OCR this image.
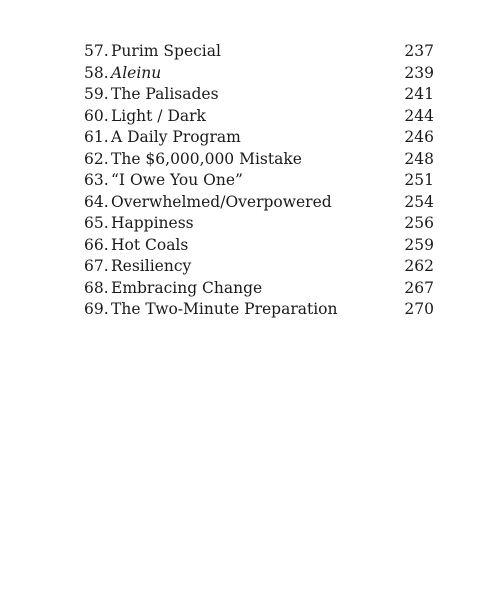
57. Purim Special	237
58. Aleinu	239
59. The Palisades	241
60. Light / Dark	244
61. A Daily Program	246
62. The $6,000,000 Mistake	248
63. “I Owe You One”	251
64. Overwhelmed/Overpowered	254
65. Happiness	256
66. Hot Coals	259
67. Resiliency	262
68. Embracing Change	267
69. The Two-Minute Preparation	270
